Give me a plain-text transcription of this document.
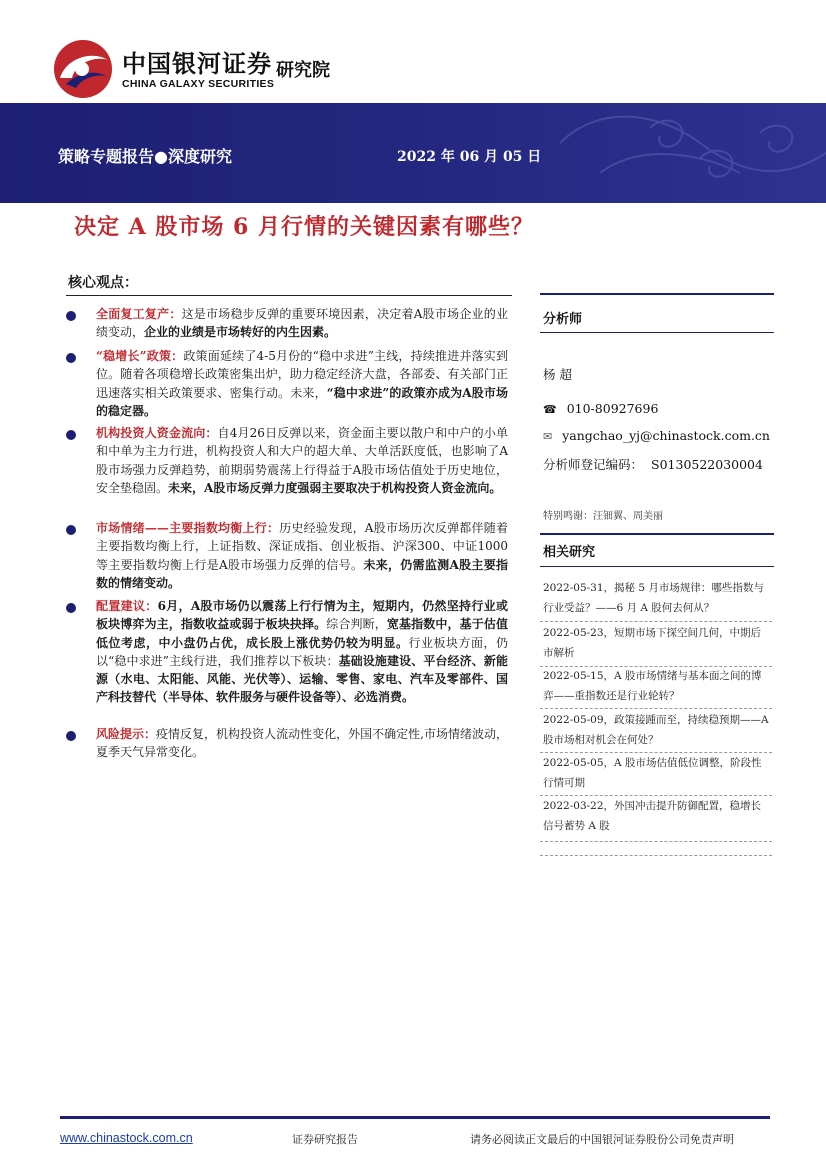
中国银河证券
CHINA GALAXY SECURITIES
研究院
策略专题报告●深度研究	2022 年 06 月 05 日
决定 A 股市场 6 月行情的关键因素有哪些？
核心观点：
全面复工复产：这是市场稳步反弹的重要环境因素，决定着A股市场企业的业绩变动，企业的业绩是市场转好的内生因素。
“稳增长”政策：政策面延续了4-5月份的“稳中求进”主线，持续推进并落实到位。随着各项稳增长政策密集出炉，助力稳定经济大盘，各部委、有关部门正迅速落实相关政策要求、密集行动。未来，“稳中求进”的政策亦成为A股市场的稳定器。
机构投资人资金流向：自4月26日反弹以来，资金面主要以散户和中户的小单和中单为主力行进，机构投资人和大户的超大单、大单活跃度低，也影响了A股市场强力反弹趋势，前期弱势震荡上行得益于A股市场估值处于历史地位，安全垫稳固。未来，A股市场反弹力度强弱主要取决于机构投资人资金流向。
市场情绪——主要指数均衡上行：历史经验发现，A股市场历次反弹都伴随着主要指数均衡上行，上证指数、深证成指、创业板指、沪深300、中证1000等主要指数均衡上行是A股市场强力反弹的信号。未来，仍需监测A股主要指数的情绪变动。
配置建议：6月，A股市场仍以震荡上行行情为主，短期内，仍然坚持行业或板块博弈为主，指数收益或弱于板块抉择。综合判断，宽基指数中，基于估值低位考虑，中小盘仍占优，成长股上涨优势仍较为明显。行业板块方面，仍以“稳中求进”主线行进，我们推荐以下板块：基础设施建设、平台经济、新能源（水电、太阳能、风能、光伏等）、运输、零售、家电、汽车及零部件、国产科技替代（半导体、软件服务与硬件设备等）、必选消费。
风险提示：疫情反复，机构投资人流动性变化，外国不确定性,市场情绪波动，夏季天气异常变化。
分析师
杨 超
☎ 010-80927696
✉ yangchao_yj@chinastock.com.cn
分析师登记编码： S0130522030004
特别鸣谢：汪钿翼、周美丽
相关研究
2022-05-31，揭秘 5 月市场规律：哪些指数与行业受益？——6 月 A 股何去何从？
2022-05-23，短期市场下探空间几何，中期后市解析
2022-05-15，A 股市场情绪与基本面之间的博弈——重指数还是行业轮转？
2022-05-09，政策接踵而至，持续稳预期——A 股市场相对机会在何处？
2022-05-05，A 股市场估值低位调整，阶段性行情可期
2022-03-22，外国冲击提升防御配置，稳增长信号蓄势 A 股
www.chinastock.com.cn	证券研究报告	请务必阅读正文最后的中国银河证券股份公司免责声明
